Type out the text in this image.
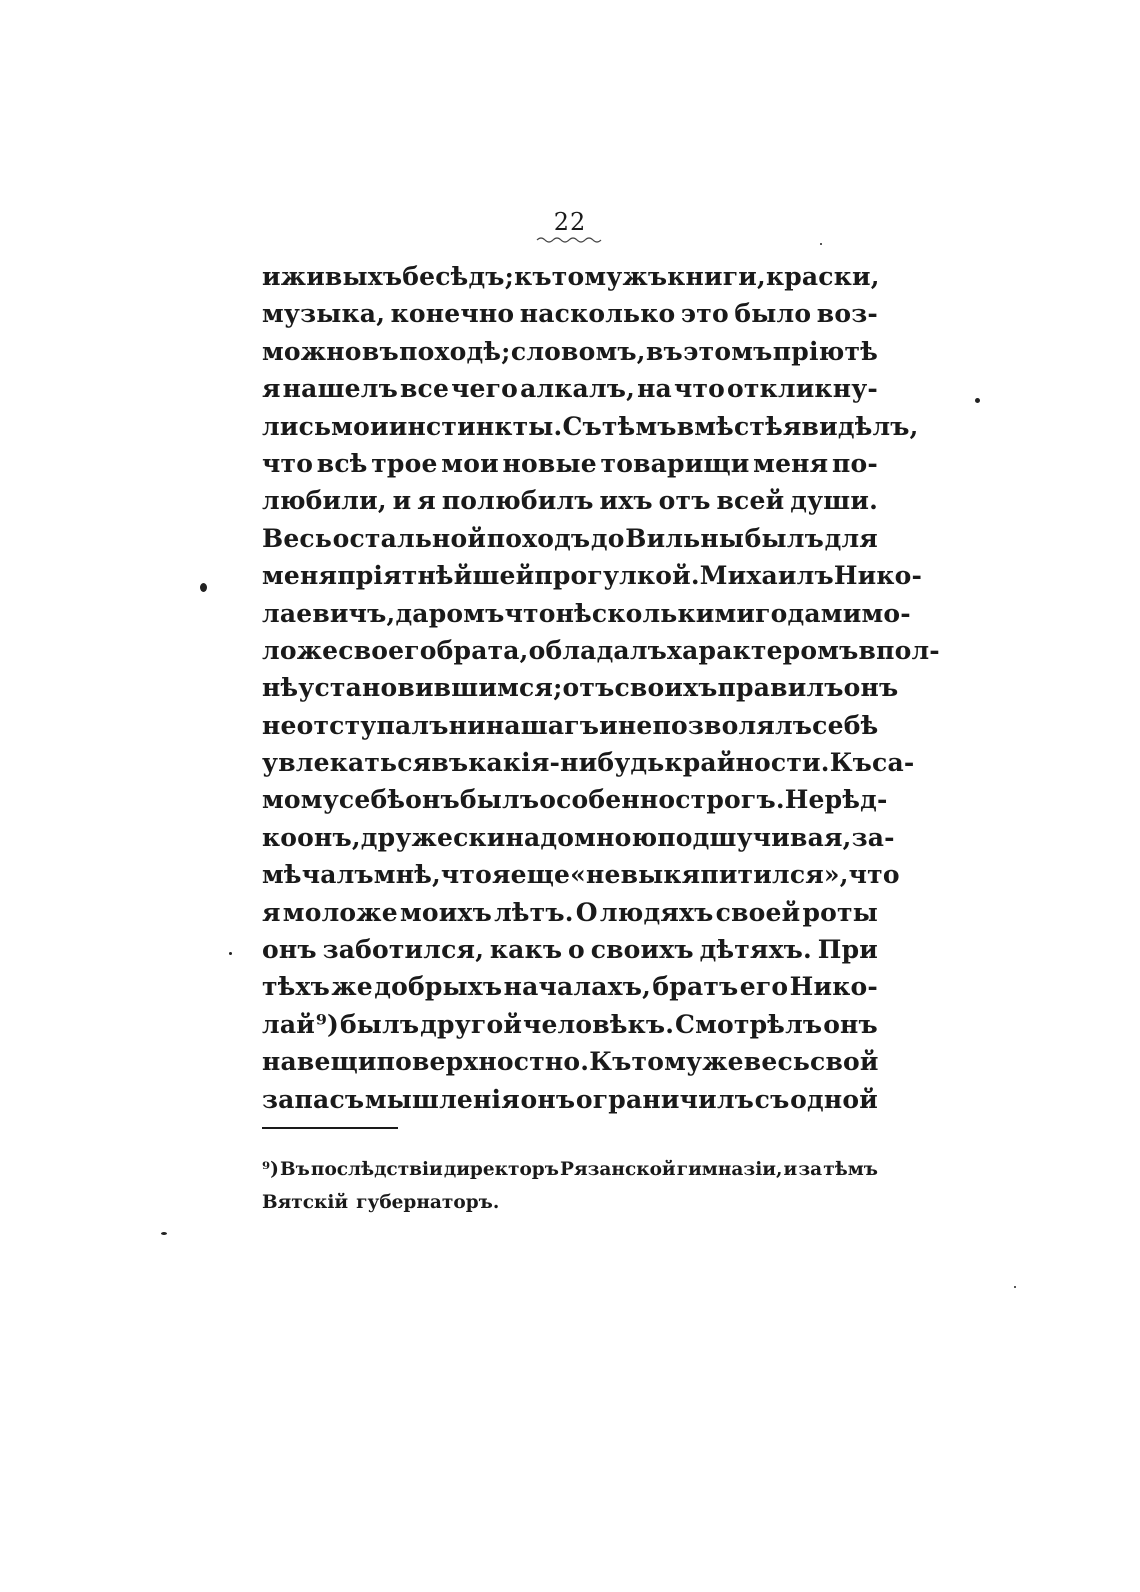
22
и живыхъ бесѣдъ; къ тому жъ книги, краски,
музыка, конечно насколько это было воз-
можно въ походѣ; словомъ, въ этомъ пріютѣ
я нашелъ все чего алкалъ, на что откликну-
лись мои инстинкты. Съ тѣмъ вмѣстѣ я видѣлъ,
что всѣ трое мои новые товарищи меня по-
любили, и я полюбилъ ихъ отъ всей души.
Весь остальной походъ до Вильны былъ для
меня пріятнѣйшей прогулкой. Михаилъ Нико-
лаевичъ, даромъ что нѣсколькими годами мо-
ложе своего брата, обладалъ характеромъ впол-
нѣ установившимся; отъ своихъ правилъ онъ
не отступалъ ни на шагъ и не позволялъ себѣ
увлекаться въ какія-нибудь крайности. Къ са-
мому себѣ онъ былъ особенно строгъ. Нерѣд-
ко онъ, дружески надо мною подшучивая, за-
мѣчалъ мнѣ, что я еще «не выкяпитился», что
я моложе моихъ лѣтъ. О людяхъ своей роты
онъ заботился, какъ о своихъ дѣтяхъ. При
тѣхъ же добрыхъ началахъ, братъ его Нико-
лай ⁹) былъ другой человѣкъ. Смотрѣлъ онъ
на вещи поверхностно. Къ тому же весь свой
запасъ мышленія онъ ограничилъ съ одной
⁹) Въ послѣдствіи директоръ Рязанской гимназіи, и за тѣмъ
Вятскій губернаторъ.
